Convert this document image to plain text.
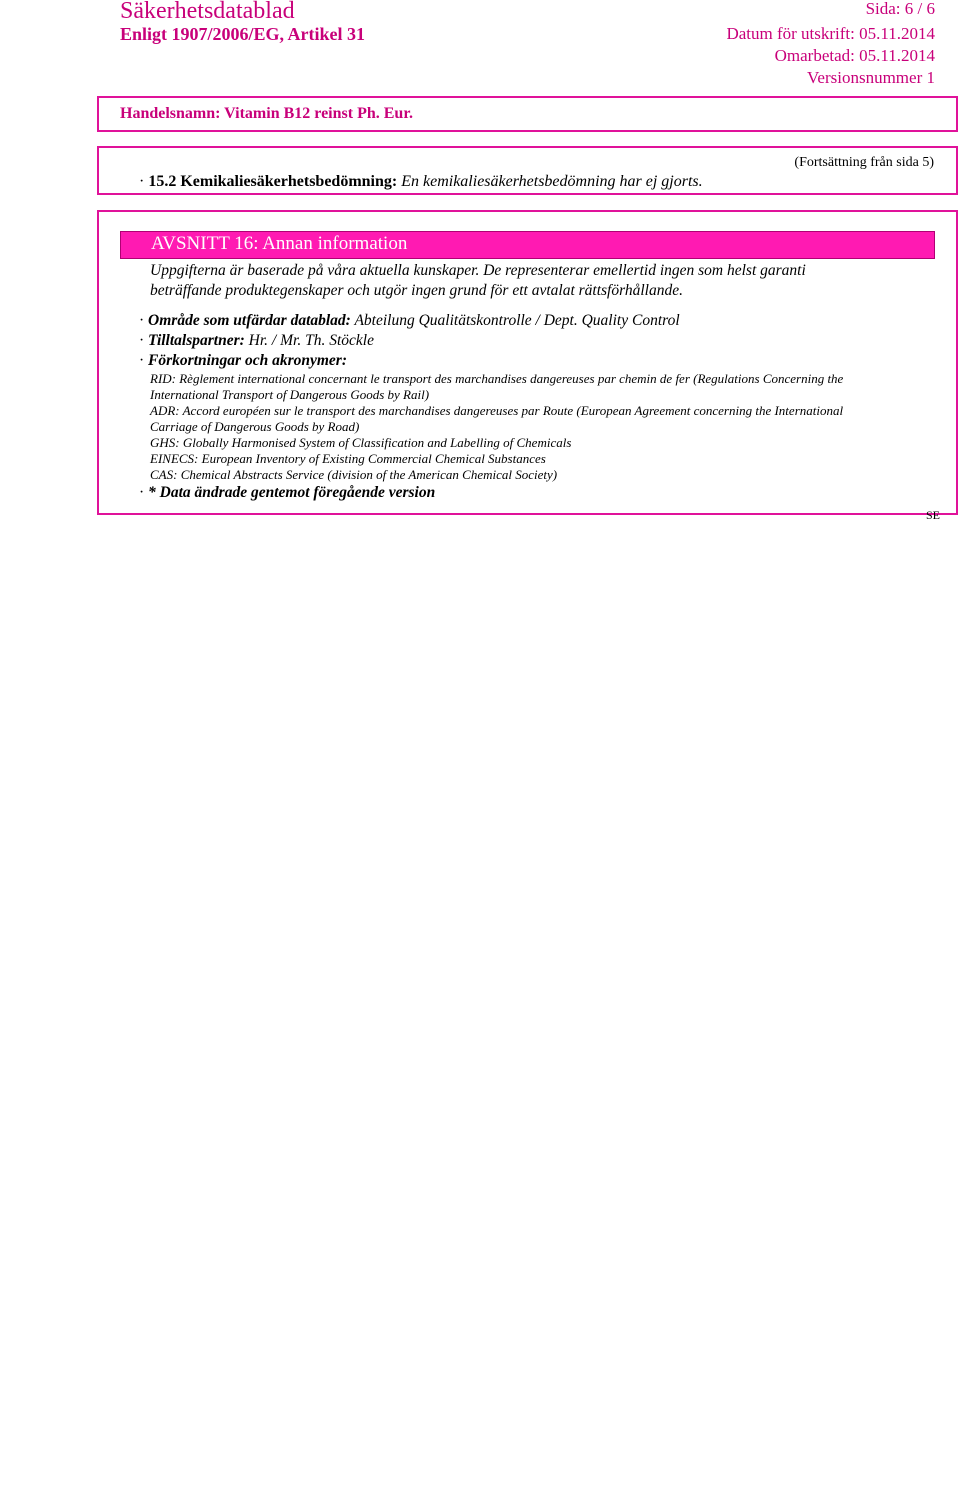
Säkerhetsdatablad
Enligt 1907/2006/EG, Artikel 31
Sida: 6 / 6
Datum för utskrift: 05.11.2014
Omarbetad: 05.11.2014
Versionsnummer 1
Handelsnamn: Vitamin B12 reinst Ph. Eur.
(Fortsättning från sida 5)
· 15.2 Kemikaliesäkerhetsbedömning: En kemikaliesäkerhetsbedömning har ej gjorts.
AVSNITT 16: Annan information
Uppgifterna är baserade på våra aktuella kunskaper. De representerar emellertid ingen som helst garanti
beträffande produktegenskaper och utgör ingen grund för ett avtalat rättsförhållande.
· Område som utfärdar datablad: Abteilung Qualitätskontrolle / Dept. Quality Control
· Tilltalspartner: Hr. / Mr. Th. Stöckle
· Förkortningar och akronymer:
RID: Règlement international concernant le transport des marchandises dangereuses par chemin de fer (Regulations Concerning the
International Transport of Dangerous Goods by Rail)
ADR: Accord européen sur le transport des marchandises dangereuses par Route (European Agreement concerning the International
Carriage of Dangerous Goods by Road)
GHS: Globally Harmonised System of Classification and Labelling of Chemicals
EINECS: European Inventory of Existing Commercial Chemical Substances
CAS: Chemical Abstracts Service (division of the American Chemical Society)
· * Data ändrade gentemot föregående version
SE
